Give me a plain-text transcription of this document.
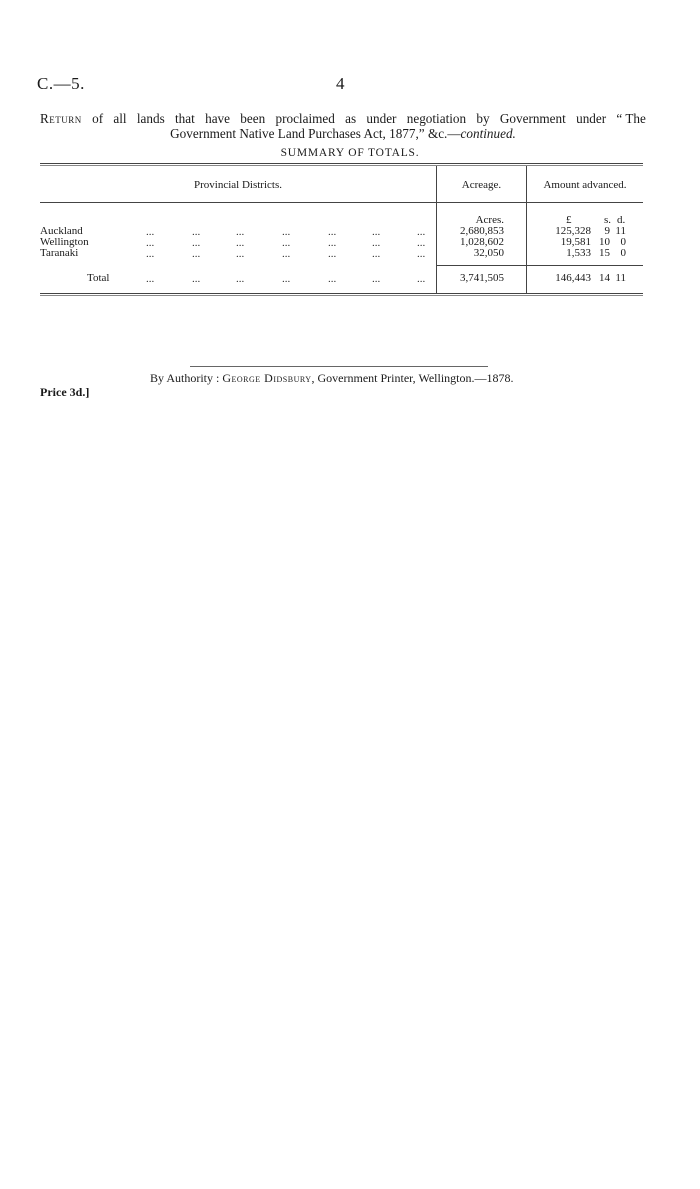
C.—5.	4
Return of all lands that have been proclaimed as under negotiation by Government under “ The
Government Native Land Purchases Act, 1877,” &c.—continued.
SUMMARY OF TOTALS.
Provincial Districts.	Acreage.	Amount advanced.
Acres.	£	s. d.
Auckland	...	...	...	...	...	...	...	2,680,853	125,328	9 11
Wellington	...	...	...	...	...	...	...	1,028,602	19,581 10 0
Taranaki	...	...	...	...	...	...	...	32,050	1,533 15 0
Total	...	...	...	...	...	...	...	3,741,505	146,443 14 11
By Authority : George Didsbury, Government Printer, Wellington.—1878.
Price 3d.]
